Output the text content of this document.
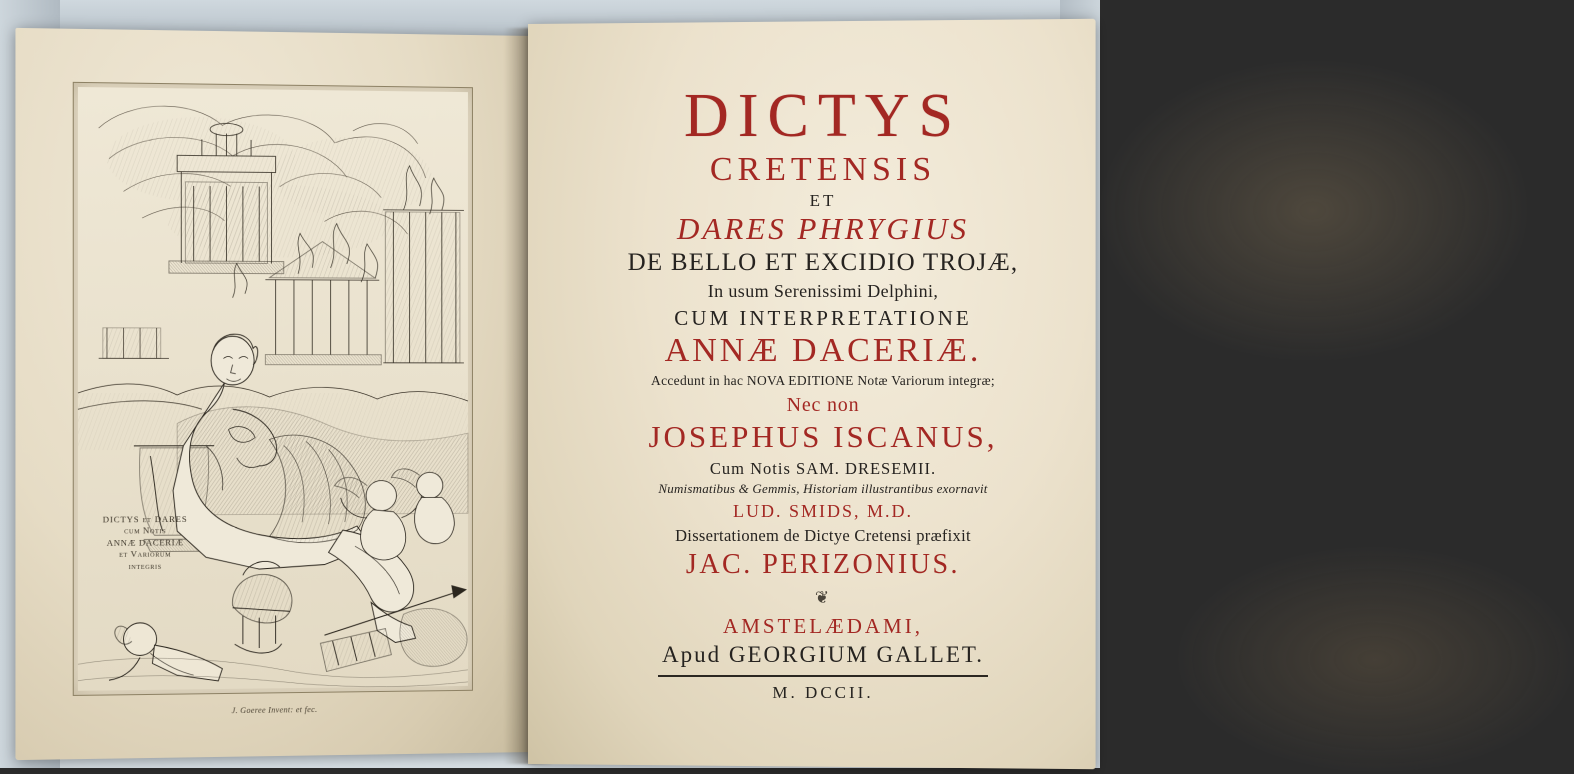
DICTYS et DARES
cum Notis
ANNÆ DACERIÆ
et Variorum
integris
J. Goeree Invent: et fec.

DICTYS

CRETENSIS

ET

DARES PHRYGIUS

DE BELLO ET EXCIDIO TROJÆ,

In usum Serenissimi Delphini,

CUM INTERPRETATIONE

ANNÆ DACERIÆ.

Accedunt in hac NOVA EDITIONE Notæ Variorum integræ;

Nec non

JOSEPHUS ISCANUS,

Cum Notis SAM. DRESEMII.

Numismatibus & Gemmis, Historiam illustrantibus exornavit

LUD. SMIDS, M.D.

Dissertationem de Dictye Cretensi præfixit

JAC. PERIZONIUS.

❦

AMSTELÆDAMI,

Apud GEORGIUM GALLET.

M. DCCII.
